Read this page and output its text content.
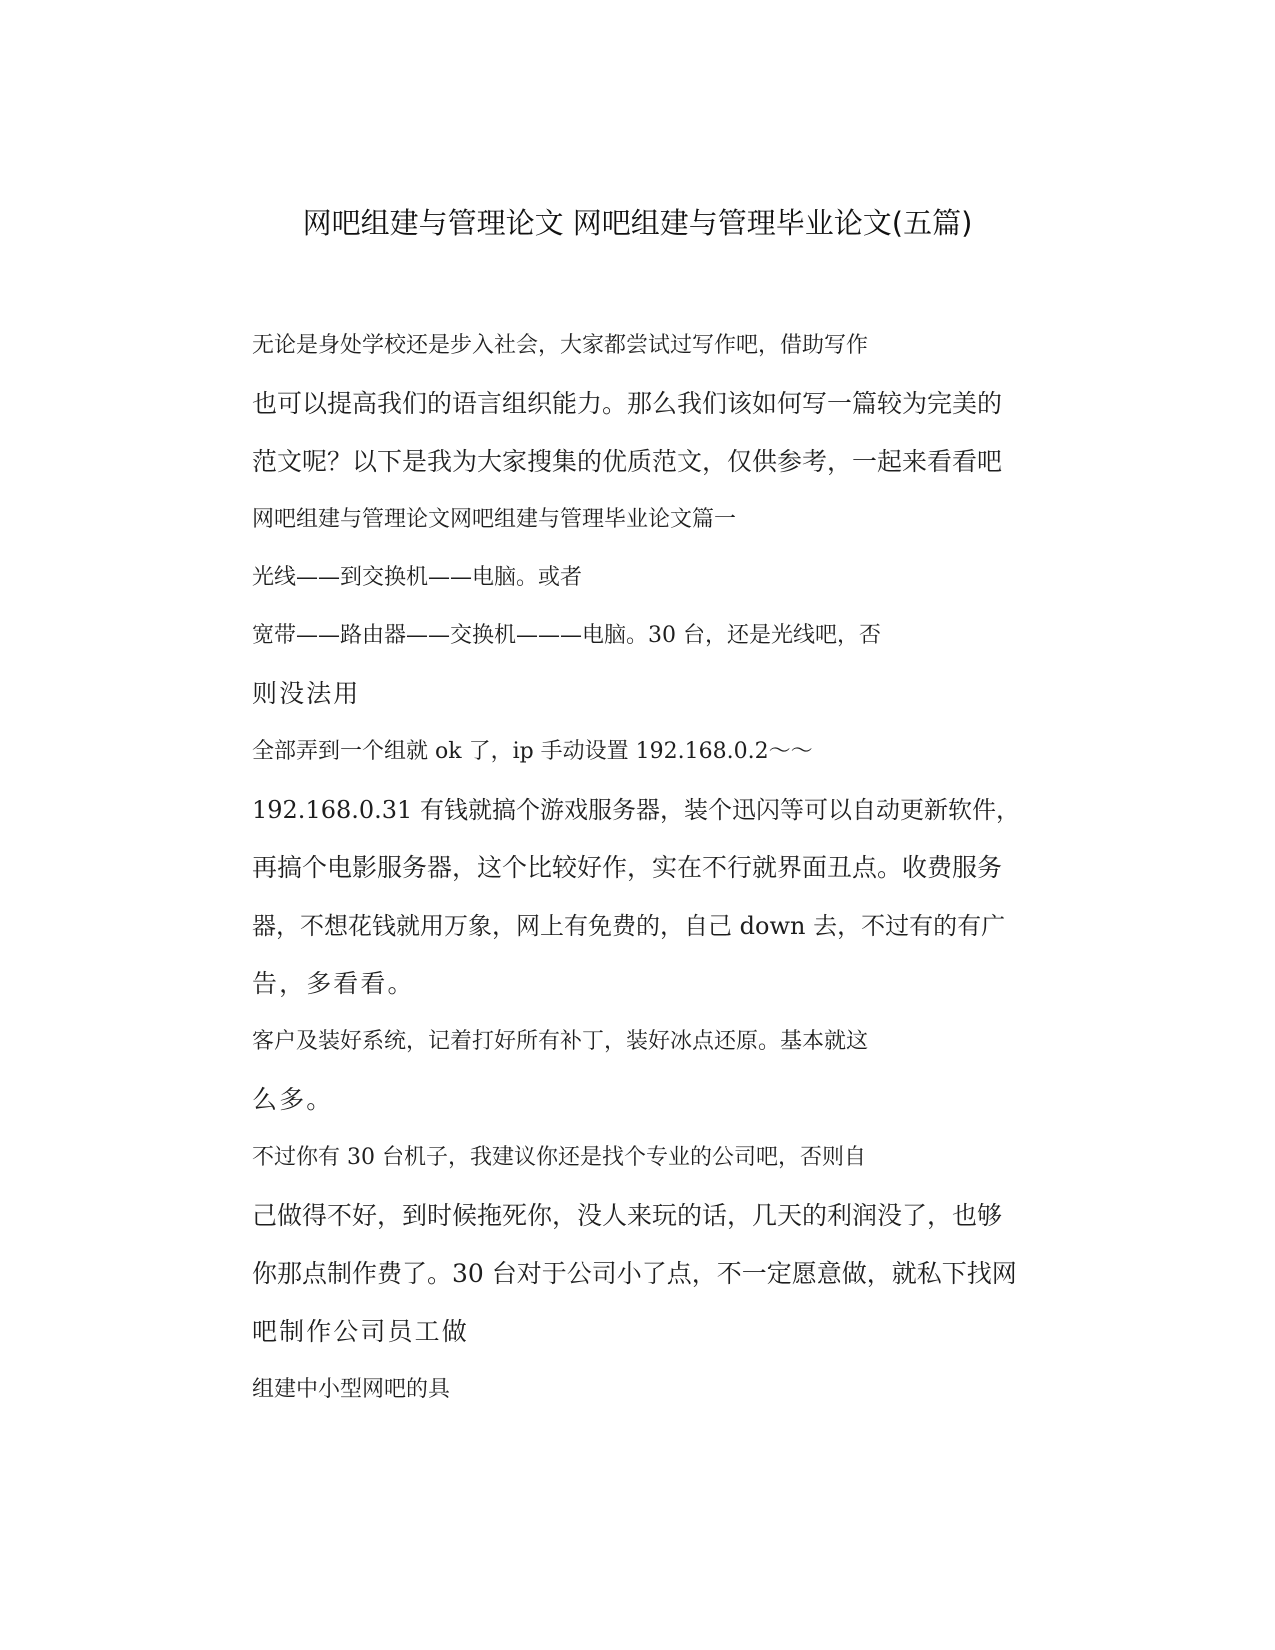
网吧组建与管理论文 网吧组建与管理毕业论文(五篇)

无论是身处学校还是步入社会，大家都尝试过写作吧，借助写作
也可以提高我们的语言组织能力。那么我们该如何写一篇较为完美的
范文呢？以下是我为大家搜集的优质范文，仅供参考，一起来看看吧

网吧组建与管理论文网吧组建与管理毕业论文篇一

光线——到交换机——电脑。或者

宽带——路由器——交换机———电脑。30 台，还是光线吧，否
则没法用

全部弄到一个组就 ok 了，ip 手动设置 192.168.0.2～～
192.168.0.31 有钱就搞个游戏服务器，装个迅闪等可以自动更新软件，
再搞个电影服务器，这个比较好作，实在不行就界面丑点。收费服务
器，不想花钱就用万象，网上有免费的，自己 down 去，不过有的有广
告，多看看。

客户及装好系统，记着打好所有补丁，装好冰点还原。基本就这
么多。

不过你有 30 台机子，我建议你还是找个专业的公司吧，否则自
己做得不好，到时候拖死你，没人来玩的话，几天的利润没了，也够
你那点制作费了。30 台对于公司小了点，不一定愿意做，就私下找网
吧制作公司员工做

组建中小型网吧的具
